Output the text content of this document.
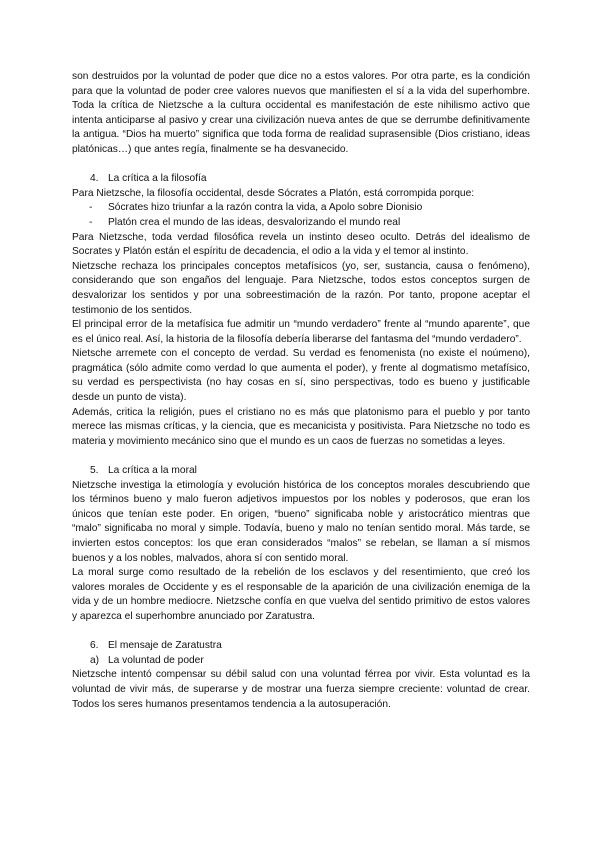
son destruidos por la voluntad de poder que dice no a estos valores. Por otra parte, es la condición para que la voluntad de poder cree valores nuevos que manifiesten el sí a la vida del superhombre. Toda la crítica de Nietzsche a la cultura occidental es manifestación de este nihilismo activo que intenta anticiparse al pasivo y crear una civilización nueva antes de que se derrumbe definitivamente la antigua. “Dios ha muerto” significa que toda forma de realidad suprasensible (Dios cristiano, ideas platónicas…) que antes regía, finalmente se ha desvanecido.

4. La crítica a la filosofía

Para Nietzsche, la filosofía occidental, desde Sócrates a Platón, está corrompida porque:

- Sócrates hizo triunfar a la razón contra la vida, a Apolo sobre Dionisio
- Platón crea el mundo de las ideas, desvalorizando el mundo real

Para Nietzsche, toda verdad filosófica revela un instinto deseo oculto. Detrás del idealismo de Socrates y Platón están el espíritu de decadencia, el odio a la vida y el temor al instinto.

Nietzsche rechaza los principales conceptos metafísicos (yo, ser, sustancia, causa o fenómeno), considerando que son engaños del lenguaje. Para Nietzsche, todos estos conceptos surgen de desvalorizar los sentidos y por una sobreestimación de la razón. Por tanto, propone aceptar el testimonio de los sentidos.

El principal error de la metafísica fue admitir un “mundo verdadero” frente al “mundo aparente”, que es el único real. Así, la historia de la filosofía debería liberarse del fantasma del “mundo verdadero”.

Nietsche arremete con el concepto de verdad. Su verdad es fenomenista (no existe el noúmeno), pragmática (sólo admite como verdad lo que aumenta el poder), y frente al dogmatismo metafísico, su verdad es perspectivista (no hay cosas en sí, sino perspectivas, todo es bueno y justificable desde un punto de vista).

Además, critica la religión, pues el cristiano no es más que platonismo para el pueblo y por tanto merece las mismas críticas, y la ciencia, que es mecanicista y positivista. Para Nietzsche no todo es materia y movimiento mecánico sino que el mundo es un caos de fuerzas no sometidas a leyes.

5. La crítica a la moral

Nietzsche investiga la etimología y evolución histórica de los conceptos morales descubriendo que los términos bueno y malo fueron adjetivos impuestos por los nobles y poderosos, que eran los únicos que tenían este poder. En origen, “bueno” significaba noble y aristocrático mientras que “malo” significaba no moral y simple. Todavía, bueno y malo no tenían sentido moral. Más tarde, se invierten estos conceptos: los que eran considerados “malos” se rebelan, se llaman a sí mismos buenos y a los nobles, malvados, ahora sí con sentido moral.

La moral surge como resultado de la rebelión de los esclavos y del resentimiento, que creó los valores morales de Occidente y es el responsable de la aparición de una civilización enemiga de la vida y de un hombre mediocre. Nietzsche confía en que vuelva del sentido primitivo de estos valores y aparezca el superhombre anunciado por Zaratustra.

6. El mensaje de Zaratustra

a) La voluntad de poder

Nietzsche intentó compensar su débil salud con una voluntad férrea por vivir. Esta voluntad es la voluntad de vivir más, de superarse y de mostrar una fuerza siempre creciente: voluntad de crear. Todos los seres humanos presentamos tendencia a la autosuperación.
